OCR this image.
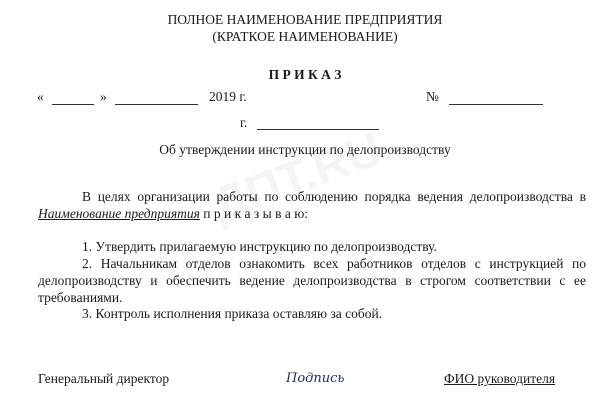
ПОЛНОЕ НАИМЕНОВАНИЕ ПРЕДПРИЯТИЯ
(КРАТКОЕ НАИМЕНОВАНИЕ)
П Р И К А З
«	»	2019 г.	№
г.
Об утверждении инструкции по делопроизводству
В целях организации работы по соблюдению порядка ведения делопроизводства в Наименование предприятия п р и к а з ы в а ю:
1. Утвердить прилагаемую инструкцию по делопроизводству.
2. Начальникам отделов ознакомить всех работников отделов с инструкцией по делопроизводству и обеспечить ведение делопроизводства в строгом соответствии с ее требованиями.
3. Контроль исполнения приказа оставляю за собой.
Генеральный директор	Подпись	ФИО руководителя
